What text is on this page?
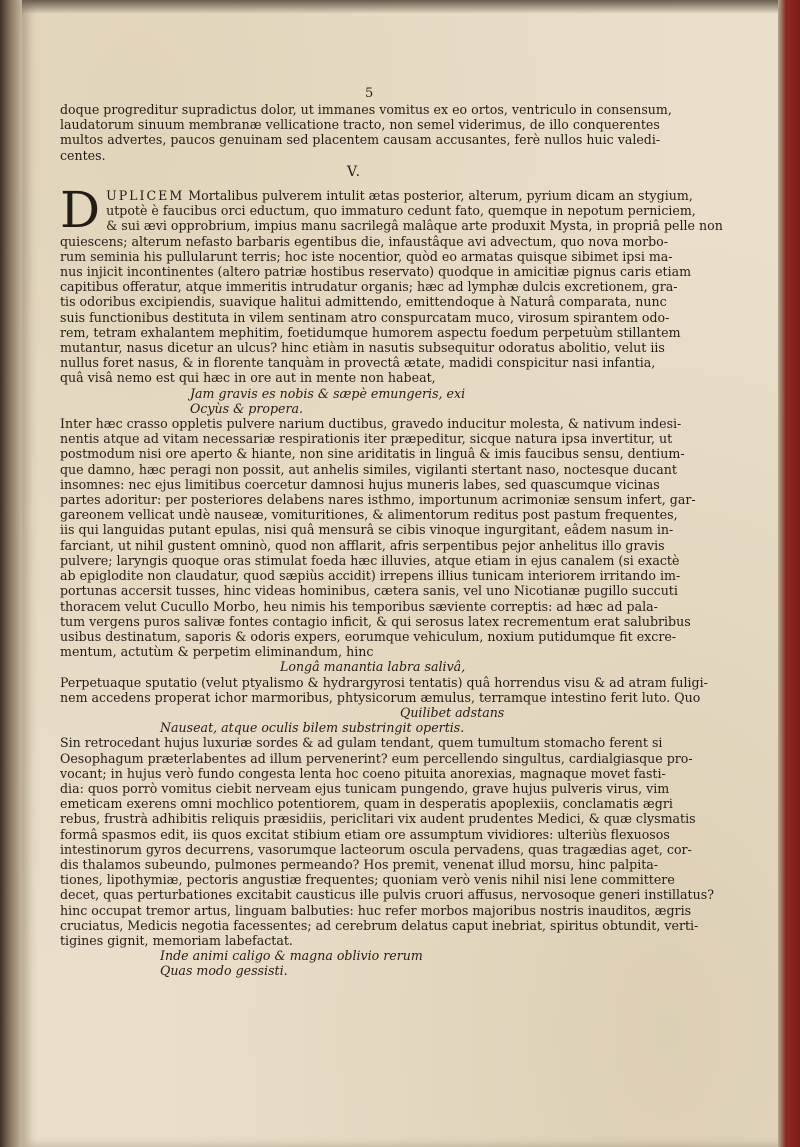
5
doque progreditur supradictus dolor, ut immanes vomitus ex eo ortos, ventriculo in consensum,
laudatorum sinuum membranæ vellicatione tracto, non semel viderimus, de illo conquerentes
multos advertes, paucos genuinam sed placentem causam accusantes, ferè nullos huic valedi-
centes.
V.
D UPLICEM Mortalibus pulverem intulit ætas posterior, alterum, pyrium dicam an stygium,
utpotè è faucibus orci eductum, quo immaturo cedunt fato, quemque in nepotum perniciem,
& sui ævi opprobrium, impius manu sacrilegâ malâque arte produxit Mysta, in propriâ pelle non
quiescens; alterum nefasto barbaris egentibus die, infaustâque avi advectum, quo nova morbo-
rum seminia his pullularunt terris; hoc iste nocentior, quòd eo armatas quisque sibimet ipsi ma-
nus injicit incontinentes (altero patriæ hostibus reservato) quodque in amicitiæ pignus caris etiam
capitibus offeratur, atque immeritis intrudatur organis; hæc ad lymphæ dulcis excretionem, gra-
tis odoribus excipiendis, suavique halitui admittendo, emittendoque à Naturâ comparata, nunc
suis functionibus destituta in vilem sentinam atro conspurcatam muco, virosum spirantem odo-
rem, tetram exhalantem mephitim, foetidumque humorem aspectu foedum perpetuùm stillantem
mutantur, nasus dicetur an ulcus? hinc etiàm in nasutis subsequitur odoratus abolitio, velut iis
nullus foret nasus, & in florente tanquàm in provectâ ætate, madidi conspicitur nasi infantia,
quâ visâ nemo est qui hæc in ore aut in mente non habeat,
Jam gravis es nobis & sæpè emungeris, exi
Ocyùs & propera.
Inter hæc crasso oppletis pulvere narium ductibus, gravedo inducitur molesta, & nativum indesi-
nentis atque ad vitam necessariæ respirationis iter præpeditur, sicque natura ipsa invertitur, ut
postmodum nisi ore aperto & hiante, non sine ariditatis in linguâ & imis faucibus sensu, dentium-
que damno, hæc peragi non possit, aut anhelis similes, vigilanti stertant naso, noctesque ducant
insomnes: nec ejus limitibus coercetur damnosi hujus muneris labes, sed quascumque vicinas
partes adoritur: per posteriores delabens nares isthmo, importunum acrimoniæ sensum infert, gar-
gareonem vellicat undè nauseæ, vomituritiones, & alimentorum reditus post pastum frequentes,
iis qui languidas putant epulas, nisi quâ mensurâ se cibis vinoque ingurgitant, eâdem nasum in-
farciant, ut nihil gustent omninò, quod non afflarit, afris serpentibus pejor anhelitus illo gravis
pulvere; laryngis quoque oras stimulat foeda hæc illuvies, atque etiam in ejus canalem (si exactè
ab epiglodite non claudatur, quod sæpiùs accidit) irrepens illius tunicam interiorem irritando im-
portunas accersit tusses, hinc videas hominibus, cætera sanis, vel uno Nicotianæ pugillo succuti
thoracem velut Cucullo Morbo, heu nimis his temporibus sæviente correptis: ad hæc ad pala-
tum vergens puros salivæ fontes contagio inficit, & qui serosus latex recrementum erat salubribus
usibus destinatum, saporis & odoris expers, eorumque vehiculum, noxium putidumque fit excre-
mentum, actutùm & perpetim eliminandum, hinc
Longâ manantia labra salivâ,
Perpetuaque sputatio (velut ptyalismo & hydrargyrosi tentatis) quâ horrendus visu & ad atram fuligi-
nem accedens properat ichor marmoribus, phtysicorum æmulus, terramque intestino ferit luto. Quo
Quilibet adstans
Nauseat, atque oculis bilem substringit opertis.
Sin retrocedant hujus luxuriæ sordes & ad gulam tendant, quem tumultum stomacho ferent si
Oesophagum præterlabentes ad illum pervenerint? eum percellendo singultus, cardialgiasque pro-
vocant; in hujus verò fundo congesta lenta hoc coeno pituita anorexias, magnaque movet fasti-
dia: quos porrò vomitus ciebit nerveam ejus tunicam pungendo, grave hujus pulveris virus, vim
emeticam exerens omni mochlico potentiorem, quam in desperatis apoplexiis, conclamatis ægri
rebus, frustrà adhibitis reliquis præsidiis, periclitari vix audent prudentes Medici, & quæ clysmatis
formâ spasmos edit, iis quos excitat stibium etiam ore assumptum vividiores: ulteriùs flexuosos
intestinorum gyros decurrens, vasorumque lacteorum oscula pervadens, quas tragædias aget, cor-
dis thalamos subeundo, pulmones permeando? Hos premit, venenat illud morsu, hinc palpita-
tiones, lipothymiæ, pectoris angustiæ frequentes; quoniam verò venis nihil nisi lene committere
decet, quas perturbationes excitabit causticus ille pulvis cruori affusus, nervosoque generi instillatus?
hinc occupat tremor artus, linguam balbuties: huc refer morbos majoribus nostris inauditos, ægris
cruciatus, Medicis negotia facessentes; ad cerebrum delatus caput inebriat, spiritus obtundit, verti-
tigines gignit, memoriam labefactat.
Inde animi caligo & magna oblivio rerum
Quas modo gessisti.
